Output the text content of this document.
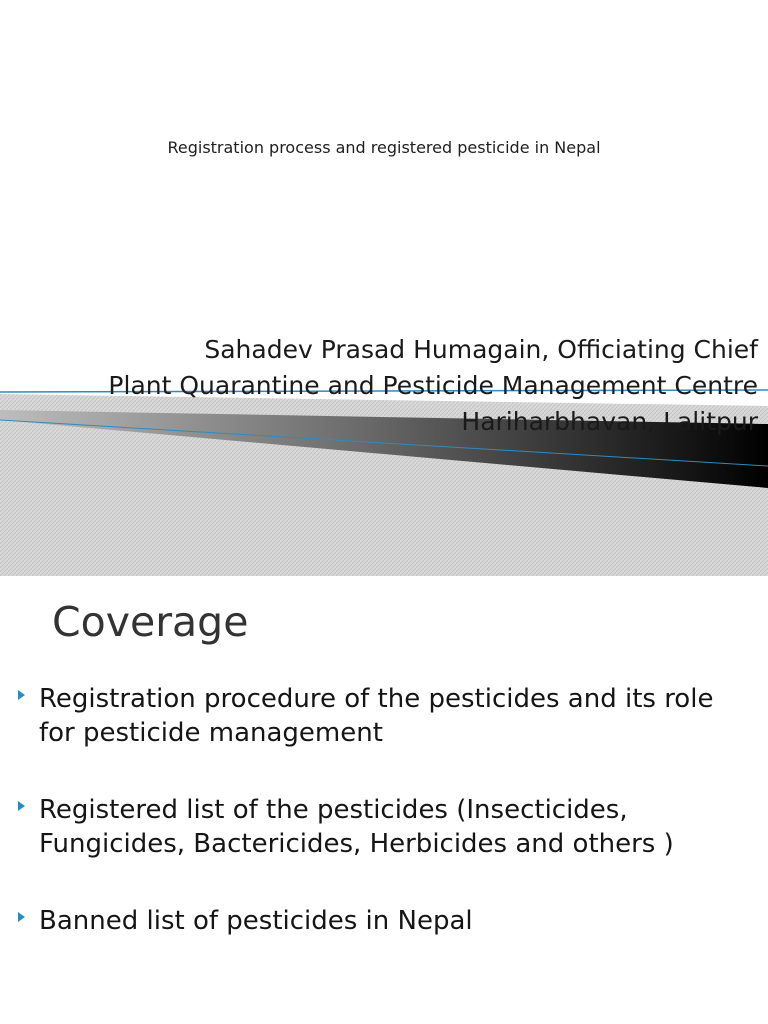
Registration process and registered pesticide in Nepal
Sahadev Prasad Humagain, Officiating Chief
Plant Quarantine and Pesticide Management Centre
Hariharbhavan, Lalitpur
Coverage
Registration procedure of the pesticides and its role for pesticide management
Registered list of the pesticides (Insecticides, Fungicides, Bactericides, Herbicides and others )
Banned list of pesticides in Nepal
